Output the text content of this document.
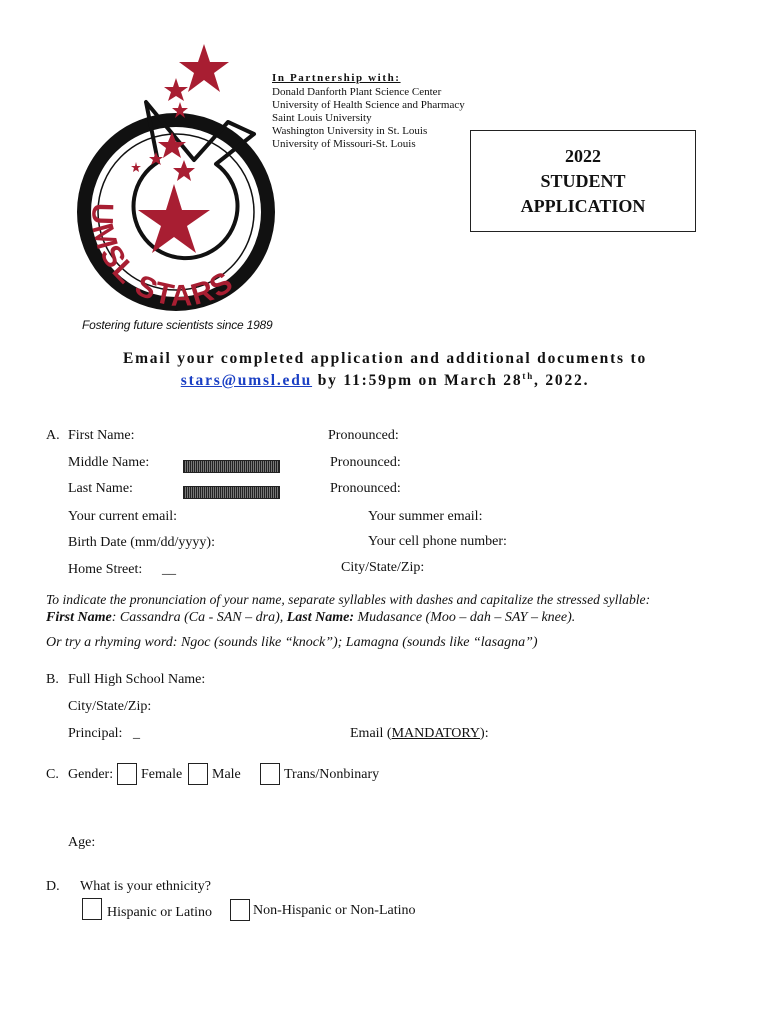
UMSL STARS
Fostering future scientists since 1989
In Partnership with:
Donald Danforth Plant Science Center
University of Health Science and Pharmacy
Saint Louis University
Washington University in St. Louis
University of Missouri-St. Louis
2022
STUDENT
APPLICATION
Email your completed application and additional documents to
stars@umsl.edu by 11:59pm on March 28th, 2022.
A. First Name:	Pronounced:
Middle Name:	Pronounced:
Last Name:	Pronounced:
Your current email:	Your summer email:
Birth Date (mm/dd/yyyy):	Your cell phone number:
Home Street: __	City/State/Zip:
To indicate the pronunciation of your name, separate syllables with dashes and capitalize the stressed syllable:
First Name: Cassandra (Ca - SAN – dra), Last Name: Mudasance (Moo – dah – SAY – knee).
Or try a rhyming word: Ngoc (sounds like “knock”); Lamagna (sounds like “lasagna”)
B. Full High School Name:
City/State/Zip:
Principal: _	Email (MANDATORY):
C. Gender: Female Male	Trans/Nonbinary
Age:
D. What is your ethnicity?
Hispanic or Latino	Non-Hispanic or Non-Latino
